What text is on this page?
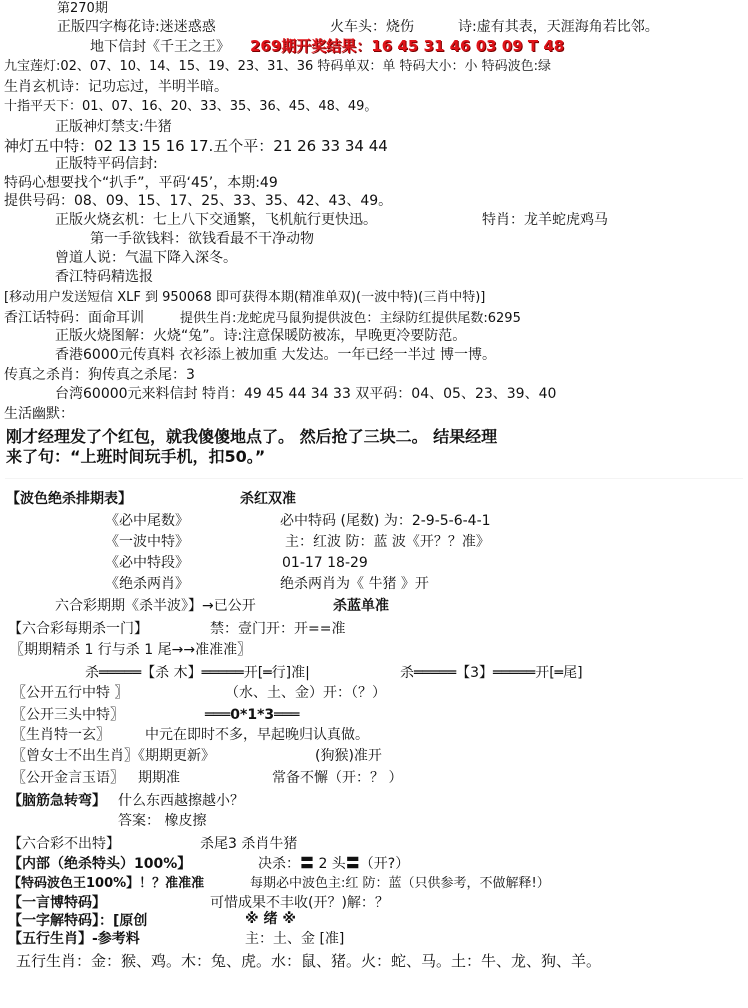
第270期
正版四字梅花诗:迷迷惑惑	火车头：烧伤	诗:虚有其表，天涯海角若比邻。
地下信封《千王之王》 269期开奖结果：16 45 31 46 03 09 T 48
九宝莲灯:02、07、10、14、15、19、23、31、36 特码单双：单 特码大小：小 特码波色:绿
生肖玄机诗：记功忘过，半明半暗。
十指平天下：01、07、16、20、33、35、36、45、48、49。
正版神灯禁支:牛猪
神灯五中特：02 13 15 16 17.五个平：21 26 33 34 44
正版特平码信封:
特码心想要找个“扒手”，平码‘45’，本期:49
提供号码：08、09、15、17、25、33、35、42、43、49。
正版火烧玄机：七上八下交通繁，飞机航行更快迅。	特肖：龙羊蛇虎鸡马
第一手欲钱料：欲钱看最不干净动物
曾道人说：气温下降入深冬。
香江特码精选报
[移动用户发送短信 XLF 到 950068 即可获得本期(精准单双)(一波中特)(三肖中特)]
香江话特码：面命耳训	提供生肖:龙蛇虎马鼠狗提供波色：主绿防红提供尾数:6295
正版火烧图解：火烧“兔”。诗:注意保暖防被冻，早晚更冷要防范。
香港6000元传真料 衣衫添上被加重 大发达。一年已经一半过 博一博。
传真之杀肖：狗传真之杀尾：3
台湾60000元来料信封 特肖：49 45 44 34 33 双平码：04、05、23、39、40
生活幽默：
刚才经理发了个红包，就我傻傻地点了。 然后抢了三块二。 结果经理
来了句：“上班时间玩手机，扣50。”
【波色绝杀排期表】	杀红双准
《必中尾数》	必中特码 (尾数) 为：2-9-5-6-4-1
《一波中特》	主：红波 防：蓝 波《开？？准》
《必中特段》	01-17 18-29
《绝杀两肖》	绝杀两肖为《 牛猪 》开
六合彩期期《杀半波》】→已公开	杀蓝单准
【六合彩每期杀一门】	禁：壹门开：开==准
〖期期精杀 1 行与杀 1 尾→→准准准〗
杀═════【杀 木】═════开[═行]准|	杀═════【3】═════开[═尾]
〖公开五行中特 〗	（水、土、金）开：（？）
〖公开三头中特〗	═══0*1*3═══
〖生肖特一玄〗	中元在即时不多，早起晚归认真做。
〖曾女士不出生肖〗《期期更新》	(狗猴)准开
〖公开金言玉语〗 期期准	常备不懈（开：？ ）
【脑筋急转弯】 什么东西越擦越小？
答案： 橡皮擦
【六合彩不出特】	杀尾3 杀肖牛猪
【内部（绝杀特头）100%】	决杀：〓 2 头〓（开?）
【特码波色王100%】！？准准准	每期必中波色主:红 防：蓝（只供参考，不做解释!）
【一言博特码】	可惜成果不丰收(开？)解：？
【一字解特码】：[原创	※ 绪 ※
【五行生肖】-参考料	主：土、金 [准]
五行生肖：金：猴、鸡。木：兔、虎。水：鼠、猪。火：蛇、马。土：牛、龙、狗、羊。
